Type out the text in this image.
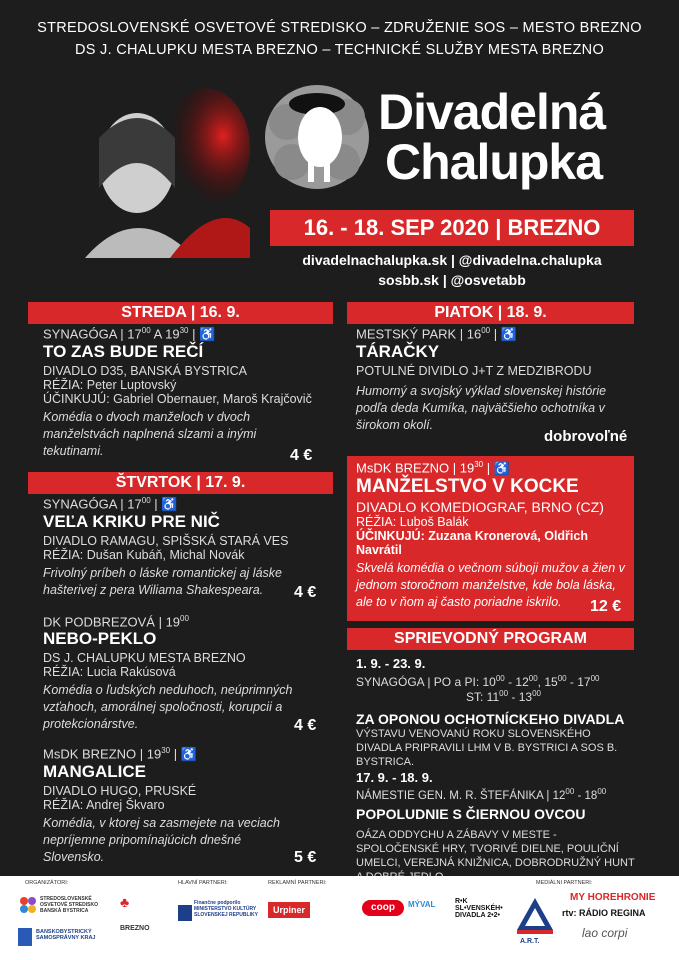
STREDOSLOVENSKÉ OSVETOVÉ STREDISKO – ZDRUŽENIE SOS – MESTO BREZNO
DS J. CHALUPKU MESTA BREZNO – TECHNICKÉ SLUŽBY MESTA BREZNO
Divadelná
Chalupka
16. - 18. SEP 2020 | BREZNO
divadelnachalupka.sk | @divadelna.chalupka
sosbb.sk | @osvetabb
STREDA | 16. 9.
SYNAGÓGA | $17^{00}$ A $19^{30}$ | ♿
TO ZAS BUDE REČÍ
DIVADLO D35, BANSKÁ BYSTRICA
RÉŽIA: Peter Luptovský
ÚČINKUJÚ: Gabriel Obernauer, Maroš Krajčovič
Komédia o dvoch manželoch v dvoch manželstvách naplnená slzami a inými tekutinami.	4 €
ŠTVRTOK | 17. 9.
SYNAGÓGA | $17^{00}$ | ♿
VEĽA KRIKU PRE NIČ
DIVADLO RAMAGU, SPIŠSKÁ STARÁ VES
RÉŽIA: Dušan Kubáň, Michal Novák
Frivolný príbeh o láske romantickej aj láske hašterivej z pera Wiliama Shakespeara.	4 €
DK PODBREZOVÁ | $19^{00}$
NEBO-PEKLO
DS J. CHALUPKU MESTA BREZNO
RÉŽIA: Lucia Rakúsová
Komédia o ľudských neduhoch, neúprimných vzťahoch, amorálnej spoločnosti, korupcii a protekcionárstve.	4 €
MsDK BREZNO | $19^{30}$ | ♿
MANGALICE
DIVADLO HUGO, PRUSKÉ
RÉŽIA: Andrej Škvaro
Komédia, v ktorej sa zasmejete na veciach nepríjemne pripomínajúcich dnešné Slovensko.	5 €
PIATOK | 18. 9.
MESTSKÝ PARK | $16^{00}$ | ♿
TÁRAČKY
POTULNÉ DIVIDLO J+T Z MEDZIBRODU
Humorný a svojský výklad slovenskej histórie podľa deda Kumíka, najväčšieho ochotníka v širokom okolí.
dobrovoľné
MsDK BREZNO | $19^{30}$ | ♿
MANŽELSTVO V KOCKE
DIVADLO KOMEDIOGRAF, BRNO (CZ)
RÉŽIA: Luboš Balák
ÚČINKUJÚ: Zuzana Kronerová, Oldřich Navrátil
Skvelá komédia o večnom súboji mužov a žien v jednom storočnom manželstve, kde bola láska, ale to v ňom aj často poriadne iskrilo.	12 €
SPRIEVODNÝ PROGRAM
1. 9. - 23. 9.
SYNAGÓGA | PO a PI: $10^{00} - 12^{00}$, $15^{00} - 17^{00}$
ST: $11^{00} - 13^{00}$
ZA OPONOU OCHOTNÍCKEHO DIVADLA
VÝSTAVU VENOVANÚ ROKU SLOVENSKÉHO DIVADLA PRIPRAVILI LHM V B. BYSTRICI A SOS B. BYSTRICA.
17. 9. - 18. 9.
NÁMESTIE GEN. M. R. ŠTEFÁNIKA | $12^{00} - 18^{00}$
POPOLUDNIE S ČIERNOU OVCOU
OÁZA ODDYCHU A ZÁBAVY V MESTE - SPOLOČENSKÉ HRY, TVORIVÉ DIELNE, POULIČNÍ UMELCI, VEREJNÁ KNIŽNICA, DOBRODRUŽNÝ HUNT
ORGANIZÁTORI:	HLAVNÍ PARTNERI:	REKLAMNÍ PARTNERI:	MEDIÁLNI PARTNERI:
STREDOSLOVENSKÉ OSVETOVÉ STREDISKO BANSKÁ BYSTRICA
BANSKOBYSTRICKÝ SAMOSPRÁVNY KRAJ
♣
BREZNO
Finančne podporilo MINISTERSTVO KULTÚRY SLOVENSKEJ REPUBLIKY	Urpiner	coop	MÝVAL	R•K SL•VENSKÉH• DIVADLA 2•2•
A.R.T.
MY HOREHRONIE
rtv: RÁDIO REGINA
lao corpi
